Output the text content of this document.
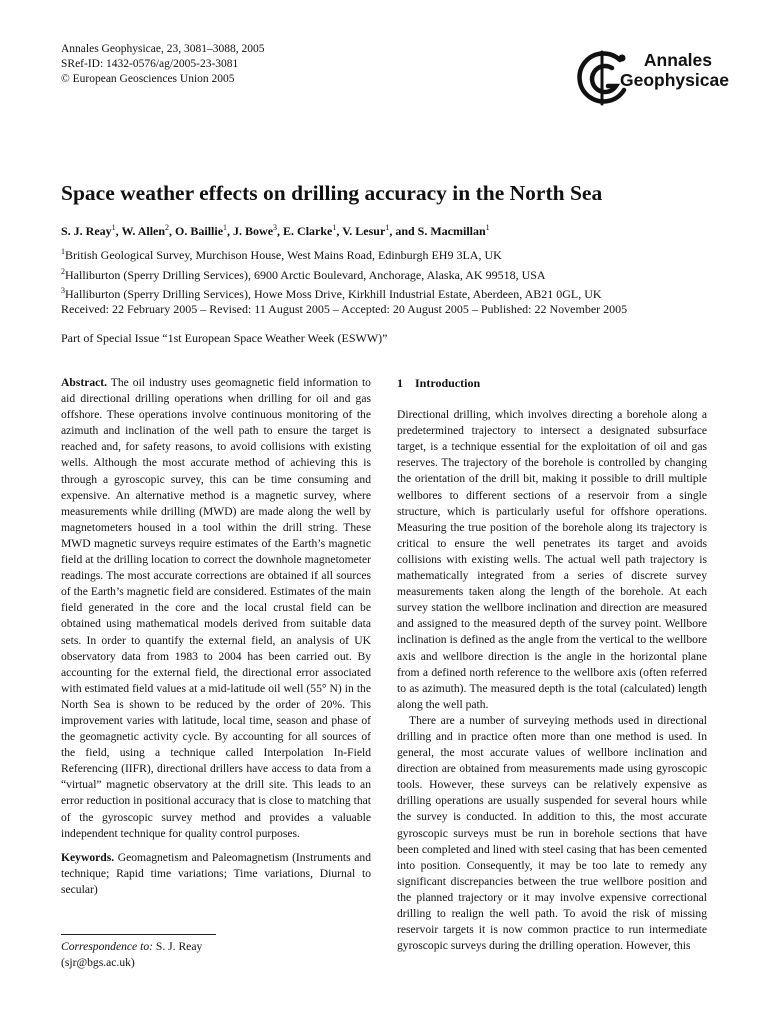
Annales Geophysicae, 23, 3081–3088, 2005
SRef-ID: 1432-0576/ag/2005-23-3081
© European Geosciences Union 2005
Annales
Geophysicae
Space weather effects on drilling accuracy in the North Sea
S. J. Reay$^1$, W. Allen$^2$, O. Baillie$^1$, J. Bowe$^3$, E. Clarke$^1$, V. Lesur$^1$, and S. Macmillan$^1$
$^1$British Geological Survey, Murchison House, West Mains Road, Edinburgh EH9 3LA, UK
$^2$Halliburton (Sperry Drilling Services), 6900 Arctic Boulevard, Anchorage, Alaska, AK 99518, USA
$^3$Halliburton (Sperry Drilling Services), Howe Moss Drive, Kirkhill Industrial Estate, Aberdeen, AB21 0GL, UK
Received: 22 February 2005 – Revised: 11 August 2005 – Accepted: 20 August 2005 – Published: 22 November 2005
Part of Special Issue “1st European Space Weather Week (ESWW)”

Abstract. The oil industry uses geomagnetic field information to aid directional drilling operations when drilling for oil and gas offshore. These operations involve continuous monitoring of the azimuth and inclination of the well path to ensure the target is reached and, for safety reasons, to avoid collisions with existing wells. Although the most accurate method of achieving this is through a gyroscopic survey, this can be time consuming and expensive. An alternative method is a magnetic survey, where measurements while drilling (MWD) are made along the well by magnetometers housed in a tool within the drill string. These MWD magnetic surveys require estimates of the Earth’s magnetic field at the drilling location to correct the downhole magnetometer readings. The most accurate corrections are obtained if all sources of the Earth’s magnetic field are considered. Estimates of the main field generated in the core and the local crustal field can be obtained using mathematical models derived from suitable data sets. In order to quantify the external field, an analysis of UK observatory data from 1983 to 2004 has been carried out. By accounting for the external field, the directional error associated with estimated field values at a mid-latitude oil well (55° N) in the North Sea is shown to be reduced by the order of 20%. This improvement varies with latitude, local time, season and phase of the geomagnetic activity cycle. By accounting for all sources of the field, using a technique called Interpolation In-Field Referencing (IIFR), directional drillers have access to data from a “virtual” magnetic observatory at the drill site. This leads to an error reduction in positional accuracy that is close to matching that of the gyroscopic survey method and provides a valuable independent technique for quality control purposes.

Keywords. Geomagnetism and Paleomagnetism (Instruments and technique; Rapid time variations; Time variations, Diurnal to secular)

Correspondence to: S. J. Reay
(sjr@bgs.ac.uk)
1 Introduction

Directional drilling, which involves directing a borehole along a predetermined trajectory to intersect a designated subsurface target, is a technique essential for the exploitation of oil and gas reserves. The trajectory of the borehole is controlled by changing the orientation of the drill bit, making it possible to drill multiple wellbores to different sections of a reservoir from a single structure, which is particularly useful for offshore operations. Measuring the true position of the borehole along its trajectory is critical to ensure the well penetrates its target and avoids collisions with existing wells. The actual well path trajectory is mathematically integrated from a series of discrete survey measurements taken along the length of the borehole. At each survey station the wellbore inclination and direction are measured and assigned to the measured depth of the survey point. Wellbore inclination is defined as the angle from the vertical to the wellbore axis and wellbore direction is the angle in the horizontal plane from a defined north reference to the wellbore axis (often referred to as azimuth). The measured depth is the total (calculated) length along the well path.

There are a number of surveying methods used in directional drilling and in practice often more than one method is used. In general, the most accurate values of wellbore inclination and direction are obtained from measurements made using gyroscopic tools. However, these surveys can be relatively expensive as drilling operations are usually suspended for several hours while the survey is conducted. In addition to this, the most accurate gyroscopic surveys must be run in borehole sections that have been completed and lined with steel casing that has been cemented into position. Consequently, it may be too late to remedy any significant discrepancies between the true wellbore position and the planned trajectory or it may involve expensive correctional drilling to realign the well path. To avoid the risk of missing reservoir targets it is now common practice to run intermediate gyroscopic surveys during the drilling operation. However, this
